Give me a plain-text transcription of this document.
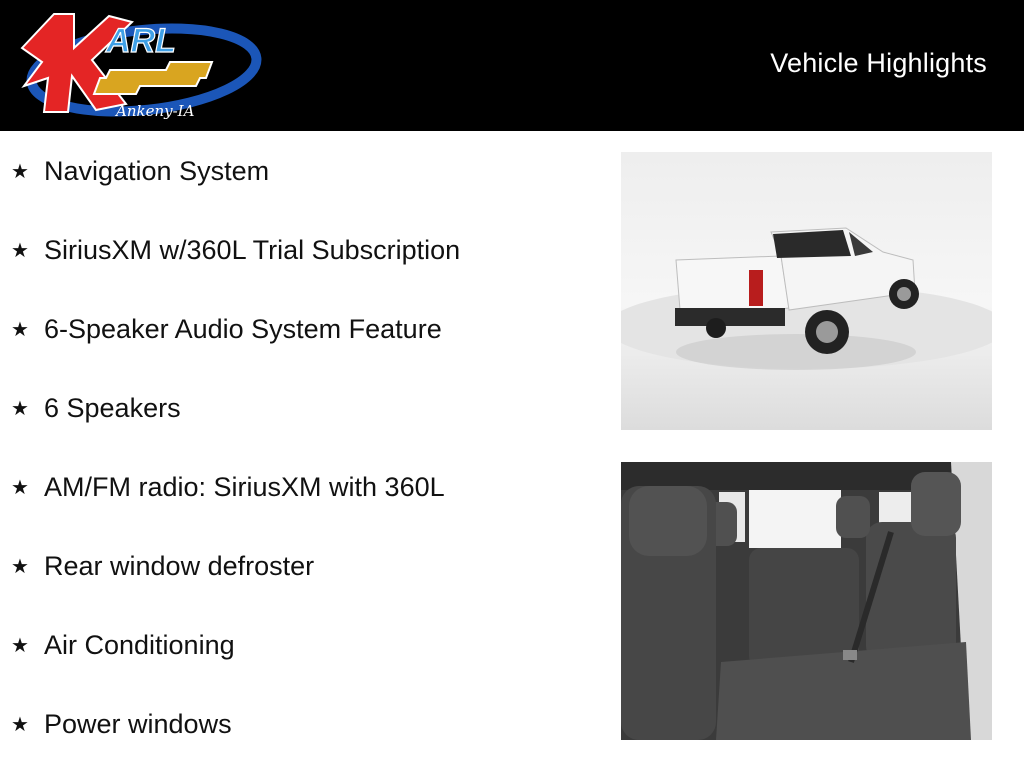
ARL
Ankeny-IA
Vehicle Highlights
★ Navigation System
★ SiriusXM w/360L Trial Subscription
★ 6-Speaker Audio System Feature
★ 6 Speakers
★ AM/FM radio: SiriusXM with 360L
★ Rear window defroster
★ Air Conditioning
★ Power windows
